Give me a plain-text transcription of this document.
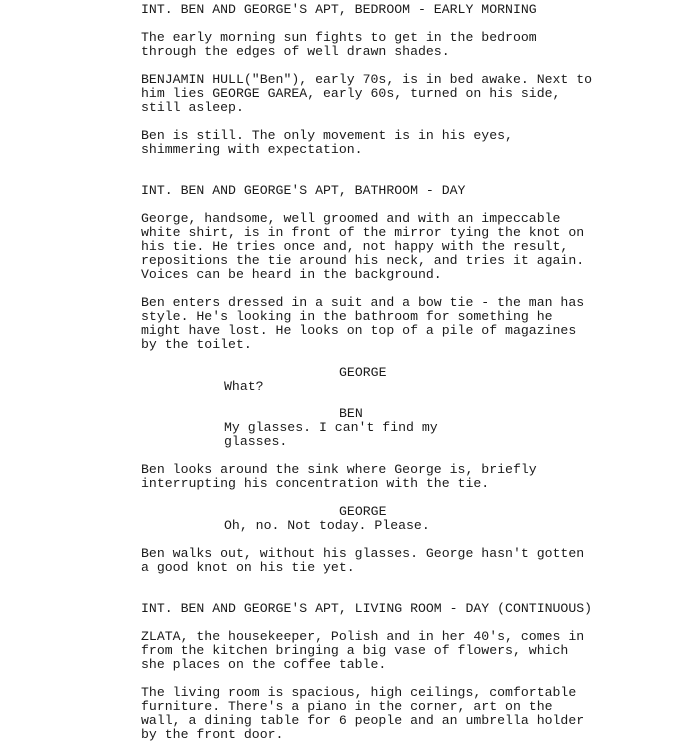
INT. BEN AND GEORGE'S APT, BEDROOM - EARLY MORNING
The early morning sun fights to get in the bedroom
through the edges of well drawn shades.
BENJAMIN HULL("Ben"), early 70s, is in bed awake. Next to
him lies GEORGE GAREA, early 60s, turned on his side,
still asleep.
Ben is still. The only movement is in his eyes,
shimmering with expectation.
INT. BEN AND GEORGE'S APT, BATHROOM - DAY
George, handsome, well groomed and with an impeccable
white shirt, is in front of the mirror tying the knot on
his tie. He tries once and, not happy with the result,
repositions the tie around his neck, and tries it again.
Voices can be heard in the background.
Ben enters dressed in a suit and a bow tie - the man has
style. He's looking in the bathroom for something he
might have lost. He looks on top of a pile of magazines
by the toilet.
GEORGE
What?
BEN
My glasses. I can't find my
glasses.
Ben looks around the sink where George is, briefly
interrupting his concentration with the tie.
GEORGE
Oh, no. Not today. Please.
Ben walks out, without his glasses. George hasn't gotten
a good knot on his tie yet.
INT. BEN AND GEORGE'S APT, LIVING ROOM - DAY (CONTINUOUS)
ZLATA, the housekeeper, Polish and in her 40's, comes in
from the kitchen bringing a big vase of flowers, which
she places on the coffee table.
The living room is spacious, high ceilings, comfortable
furniture. There's a piano in the corner, art on the
wall, a dining table for 6 people and an umbrella holder
by the front door.
